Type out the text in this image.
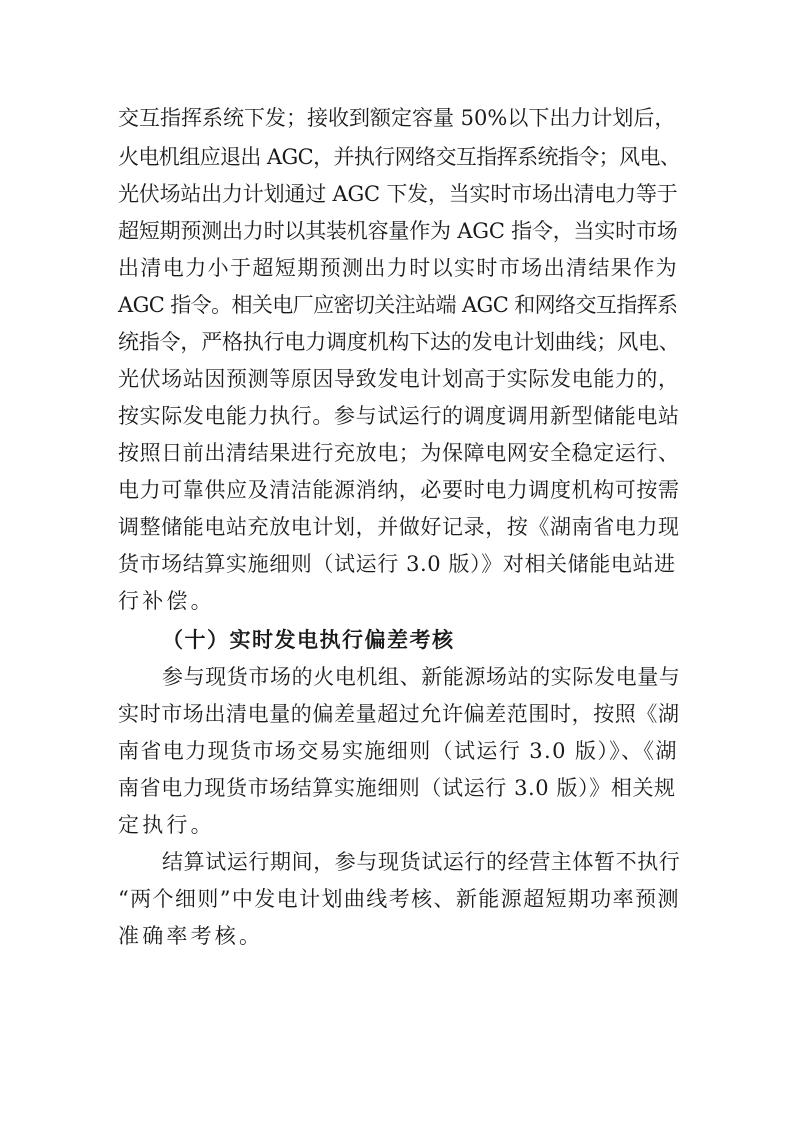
交互指挥系统下发；接收到额定容量 50%以下出力计划后，
火电机组应退出 AGC，并执行网络交互指挥系统指令；风电、
光伏场站出力计划通过 AGC 下发，当实时市场出清电力等于
超短期预测出力时以其装机容量作为 AGC 指令，当实时市场
出清电力小于超短期预测出力时以实时市场出清结果作为
AGC 指令。相关电厂应密切关注站端 AGC 和网络交互指挥系
统指令，严格执行电力调度机构下达的发电计划曲线；风电、
光伏场站因预测等原因导致发电计划高于实际发电能力的，
按实际发电能力执行。参与试运行的调度调用新型储能电站
按照日前出清结果进行充放电；为保障电网安全稳定运行、
电力可靠供应及清洁能源消纳，必要时电力调度机构可按需
调整储能电站充放电计划，并做好记录，按《湖南省电力现
货市场结算实施细则（试运行 3.0 版）》对相关储能电站进
行补偿。
（十）实时发电执行偏差考核
参与现货市场的火电机组、新能源场站的实际发电量与
实时市场出清电量的偏差量超过允许偏差范围时，按照《湖
南省电力现货市场交易实施细则（试运行 3.0 版）》、《湖
南省电力现货市场结算实施细则（试运行 3.0 版）》相关规
定执行。
结算试运行期间，参与现货试运行的经营主体暂不执行
“两个细则”中发电计划曲线考核、新能源超短期功率预测
准确率考核。
